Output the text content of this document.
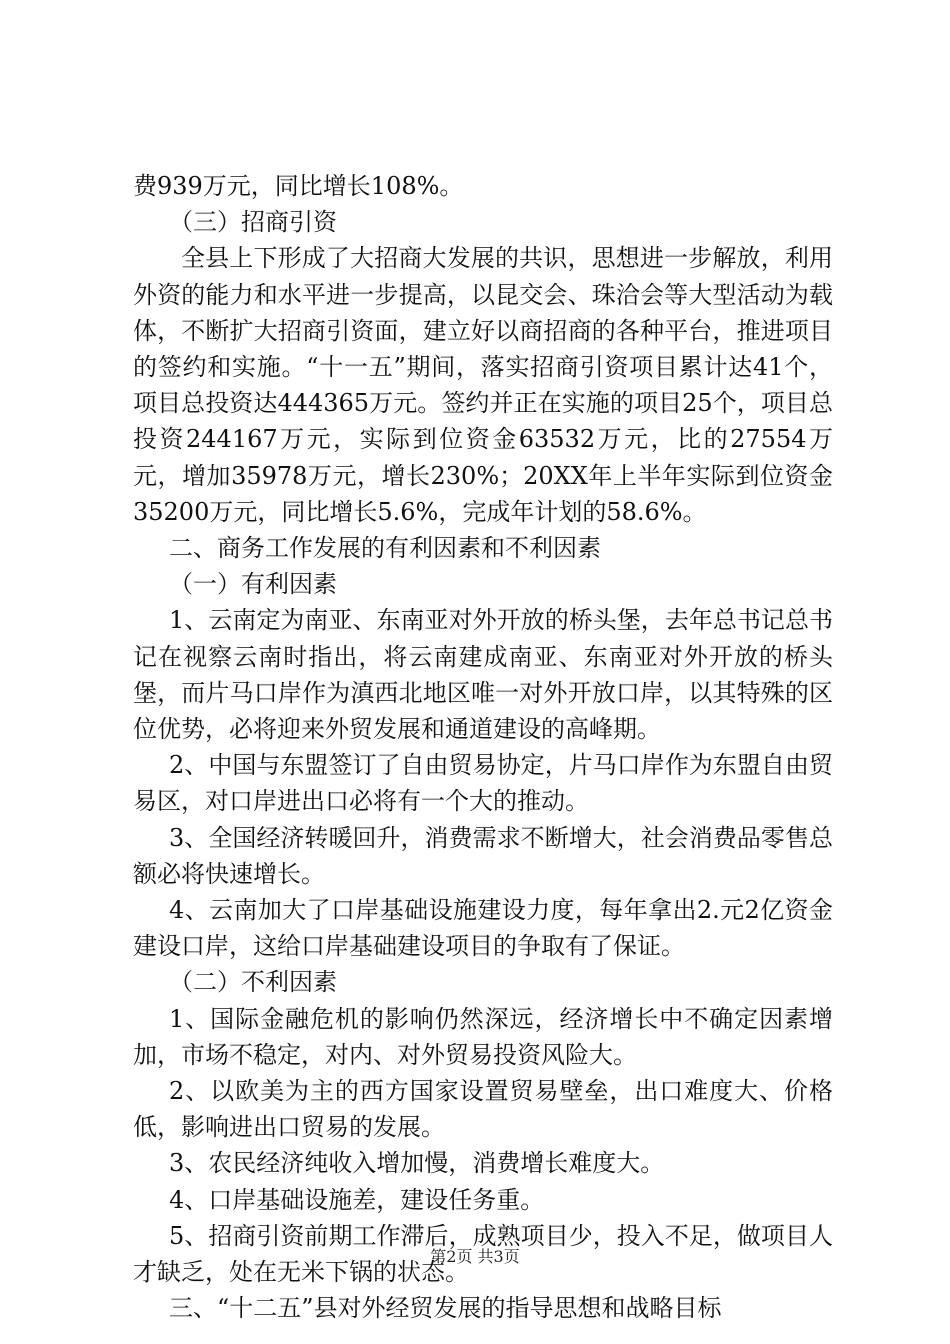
费939万元，同比增长108%。

（三）招商引资

全县上下形成了大招商大发展的共识，思想进一步解放，利用外资的能力和水平进一步提高，以昆交会、珠洽会等大型活动为载体，不断扩大招商引资面，建立好以商招商的各种平台，推进项目的签约和实施。“十一五”期间，落实招商引资项目累计达41个，项目总投资达444365万元。签约并正在实施的项目25个，项目总投资244167万元，实际到位资金63532万元，比的27554万元，增加35978万元，增长230%；20XX年上半年实际到位资金35200万元，同比增长5.6%，完成年计划的58.6%。

二、商务工作发展的有利因素和不利因素

（一）有利因素

1、云南定为南亚、东南亚对外开放的桥头堡，去年总书记总书记在视察云南时指出，将云南建成南亚、东南亚对外开放的桥头堡，而片马口岸作为滇西北地区唯一对外开放口岸，以其特殊的区位优势，必将迎来外贸发展和通道建设的高峰期。

2、中国与东盟签订了自由贸易协定，片马口岸作为东盟自由贸易区，对口岸进出口必将有一个大的推动。

3、全国经济转暖回升，消费需求不断增大，社会消费品零售总额必将快速增长。

4、云南加大了口岸基础设施建设力度，每年拿出2.元2亿资金建设口岸，这给口岸基础建设项目的争取有了保证。

（二）不利因素

1、国际金融危机的影响仍然深远，经济增长中不确定因素增加，市场不稳定，对内、对外贸易投资风险大。

2、以欧美为主的西方国家设置贸易壁垒，出口难度大、价格低，影响进出口贸易的发展。

3、农民经济纯收入增加慢，消费增长难度大。

4、口岸基础设施差，建设任务重。

5、招商引资前期工作滞后，成熟项目少，投入不足，做项目人才缺乏，处在无米下锅的状态。

三、“十二五”县对外经贸发展的指导思想和战略目标

第2页 共3页
